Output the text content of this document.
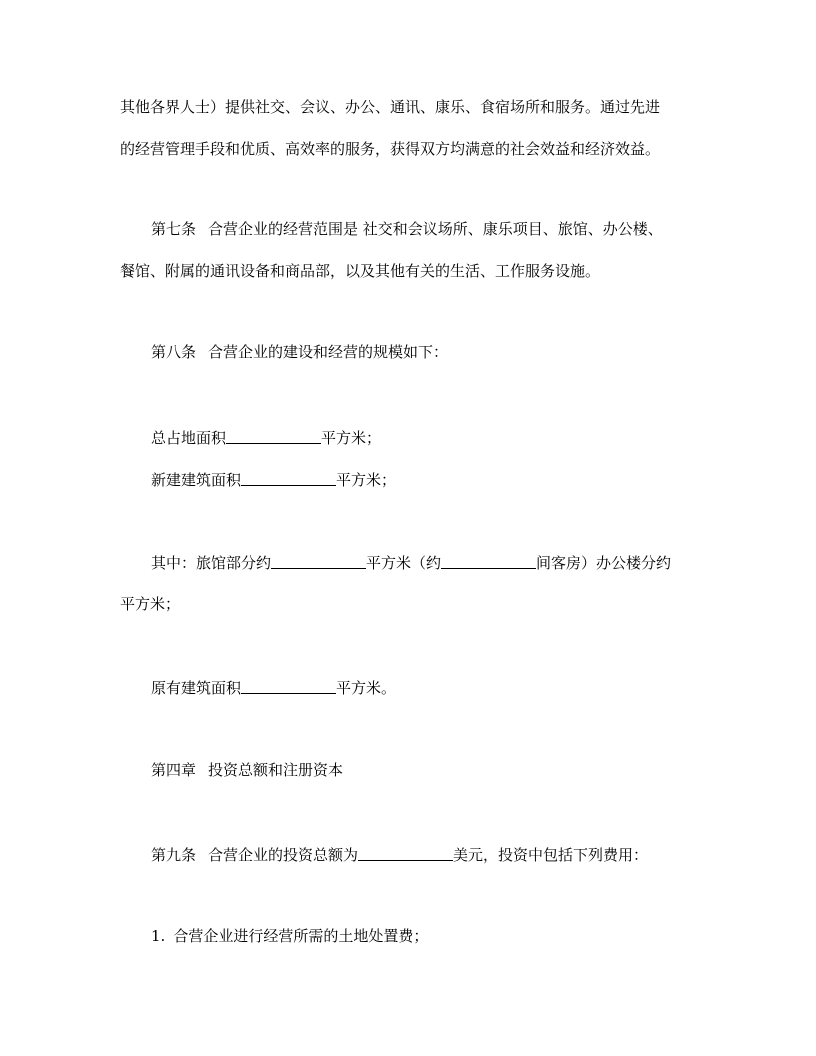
其他各界人士）提供社交、会议、办公、通讯、康乐、食宿场所和服务。通过先进
的经营管理手段和优质、高效率的服务，获得双方均满意的社会效益和经济效益。
第七条 合营企业的经营范围是 社交和会议场所、康乐项目、旅馆、办公楼、
餐馆、附属的通讯设备和商品部，以及其他有关的生活、工作服务设施。
第八条 合营企业的建设和经营的规模如下：
总占地面积	平方米；
新建建筑面积	平方米；
其中：旅馆部分约	平方米（约	间客房）办公楼分约
平方米；
原有建筑面积	平方米。
第四章 投资总额和注册资本
第九条 合营企业的投资总额为	美元，投资中包括下列费用：
1. 合营企业进行经营所需的土地处置费；
